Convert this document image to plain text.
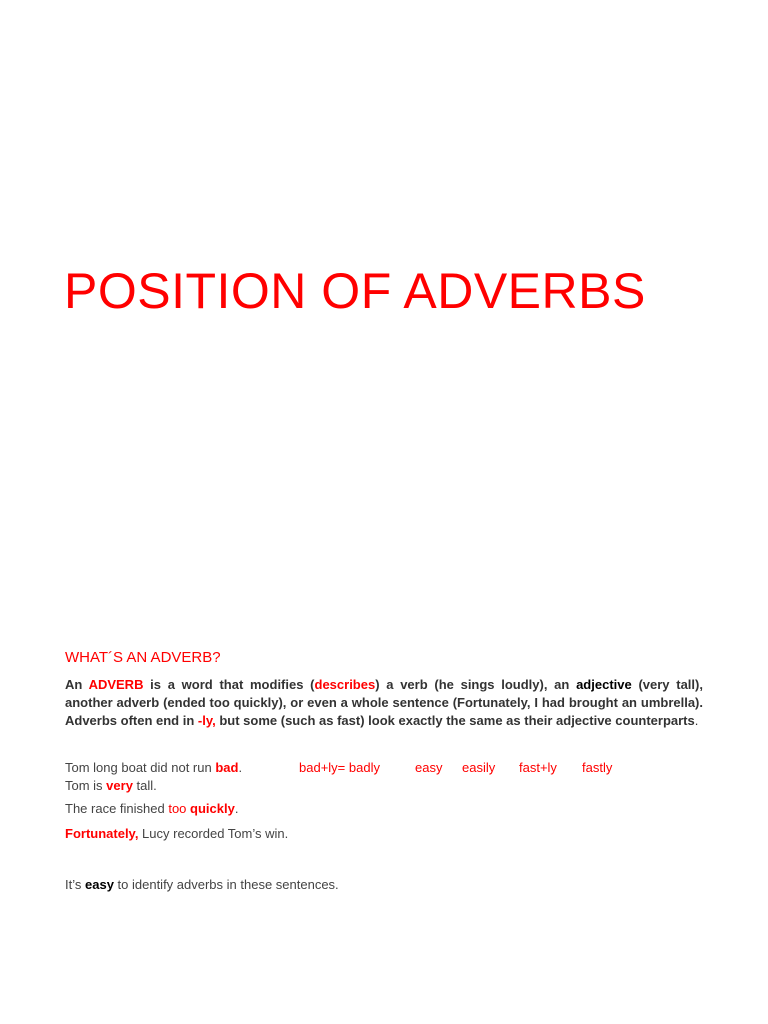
POSITION OF ADVERBS
WHAT´S AN ADVERB?

An ADVERB is a word that modifies (describes) a verb (he sings loudly), an adjective (very tall), another adverb (ended too quickly), or even a whole sentence (Fortunately, I had brought an umbrella). Adverbs often end in -ly, but some (such as fast) look exactly the same as their adjective counterparts.

Tom long boat did not run bad.	bad+ly= badly	easy easily fast+ly fastly

Tom is very tall.

The race finished too quickly.

Fortunately, Lucy recorded Tom’s win.

It’s easy to identify adverbs in these sentences.
